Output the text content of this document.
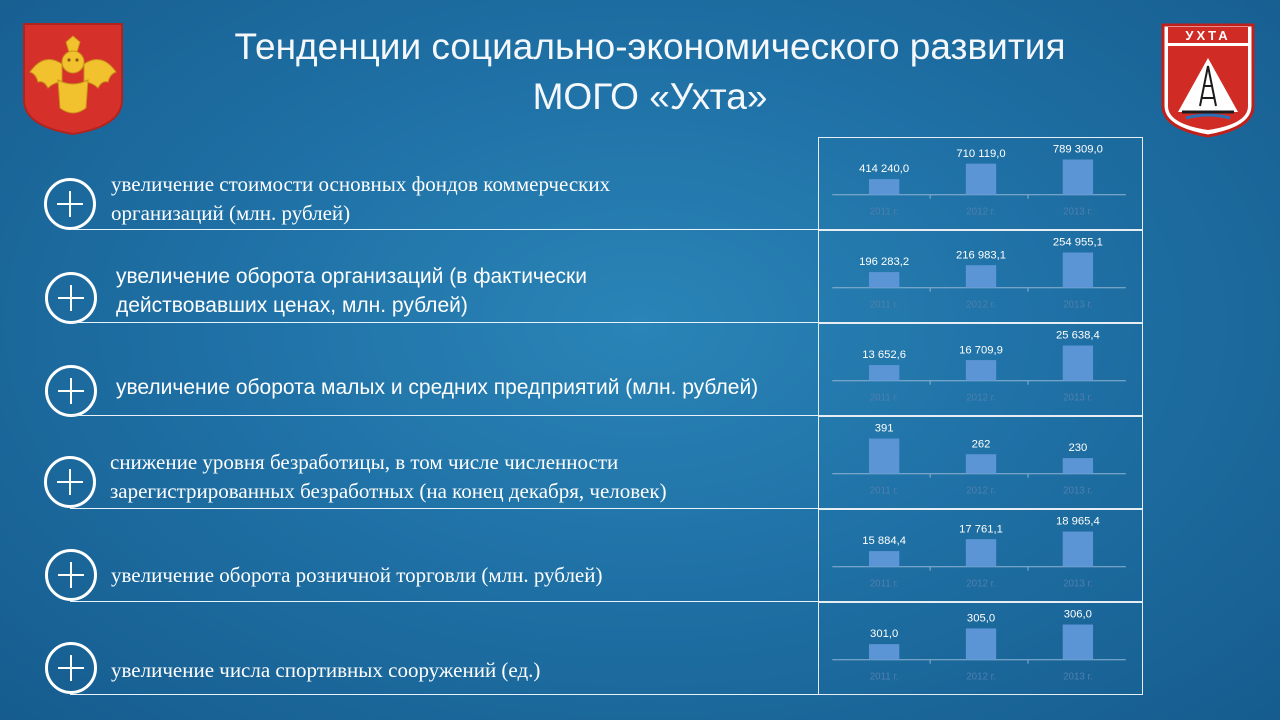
УХТА
Тенденции социально-экономического развития
МОГО «Ухта»
увеличение стоимости основных фондов коммерческих
организаций (млн. рублей)
414 240,0
2011 г.
710 119,0
2012 г.
789 309,0
2013 г.
увеличение оборота организаций (в фактически
действовавших ценах, млн. рублей)
196 283,2
2011 г.
216 983,1
2012 г.
254 955,1
2013 г.
увеличение оборота малых и средних предприятий (млн. рублей)
13 652,6
2011 г.
16 709,9
2012 г.
25 638,4
2013 г.
снижение уровня безработицы, в том числе численности
зарегистрированных безработных (на конец декабря, человек)
391
2011 г.
262
2012 г.
230
2013 г.
увеличение оборота розничной торговли (млн. рублей)
15 884,4
2011 г.
17 761,1
2012 г.
18 965,4
2013 г.
увеличение числа спортивных сооружений (ед.)
301,0
2011 г.
305,0
2012 г.
306,0
2013 г.
